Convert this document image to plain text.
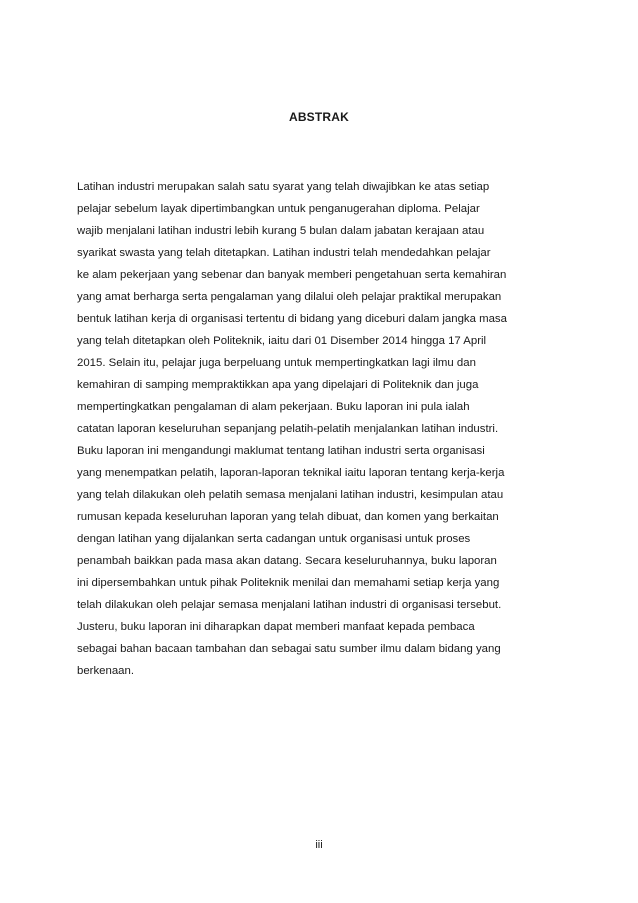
ABSTRAK
Latihan industri merupakan salah satu syarat yang telah diwajibkan ke atas setiap
pelajar sebelum layak dipertimbangkan untuk penganugerahan diploma. Pelajar
wajib menjalani latihan industri lebih kurang 5 bulan dalam jabatan kerajaan atau
syarikat swasta yang telah ditetapkan. Latihan industri telah mendedahkan pelajar
ke alam pekerjaan yang sebenar dan banyak memberi pengetahuan serta kemahiran
yang amat berharga serta pengalaman yang dilalui oleh pelajar praktikal merupakan
bentuk latihan kerja di organisasi tertentu di bidang yang diceburi dalam jangka masa
yang telah ditetapkan oleh Politeknik, iaitu dari 01 Disember 2014 hingga 17 April
2015. Selain itu, pelajar juga berpeluang untuk mempertingkatkan lagi ilmu dan
kemahiran di samping mempraktikkan apa yang dipelajari di Politeknik dan juga
mempertingkatkan pengalaman di alam pekerjaan. Buku laporan ini pula ialah
catatan laporan keseluruhan sepanjang pelatih-pelatih menjalankan latihan industri.
Buku laporan ini mengandungi maklumat tentang latihan industri serta organisasi
yang menempatkan pelatih, laporan-laporan teknikal iaitu laporan tentang kerja-kerja
yang telah dilakukan oleh pelatih semasa menjalani latihan industri, kesimpulan atau
rumusan kepada keseluruhan laporan yang telah dibuat, dan komen yang berkaitan
dengan latihan yang dijalankan serta cadangan untuk organisasi untuk proses
penambah baikkan pada masa akan datang. Secara keseluruhannya, buku laporan
ini dipersembahkan untuk pihak Politeknik menilai dan memahami setiap kerja yang
telah dilakukan oleh pelajar semasa menjalani latihan industri di organisasi tersebut.
Justeru, buku laporan ini diharapkan dapat memberi manfaat kepada pembaca
sebagai bahan bacaan tambahan dan sebagai satu sumber ilmu dalam bidang yang
berkenaan.
iii
